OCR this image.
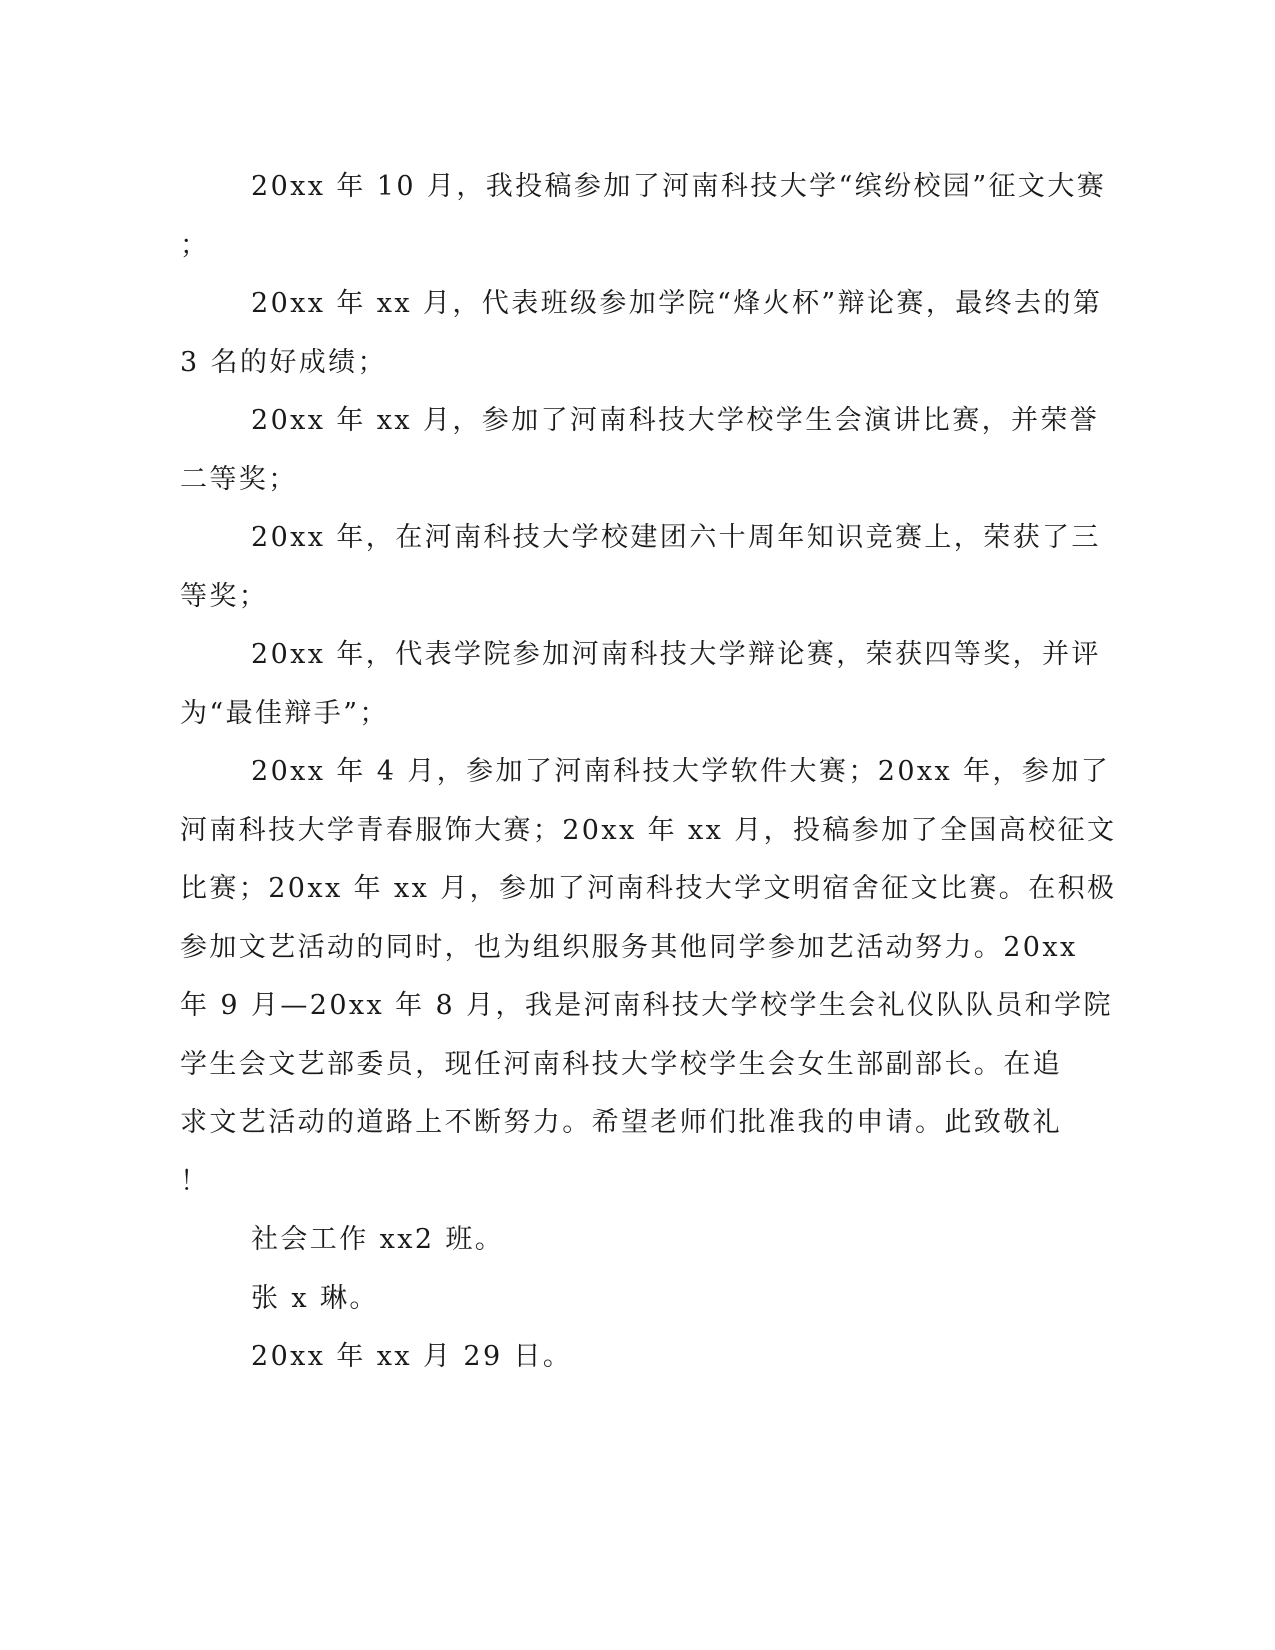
20xx 年 10 月，我投稿参加了河南科技大学“缤纷校园”征文大赛
；
20xx 年 xx 月，代表班级参加学院“烽火杯”辩论赛，最终去的第
3 名的好成绩；
20xx 年 xx 月，参加了河南科技大学校学生会演讲比赛，并荣誉
二等奖；
20xx 年，在河南科技大学校建团六十周年知识竞赛上，荣获了三
等奖；
20xx 年，代表学院参加河南科技大学辩论赛，荣获四等奖，并评
为“最佳辩手”；
20xx 年 4 月，参加了河南科技大学软件大赛；20xx 年，参加了
河南科技大学青春服饰大赛；20xx 年 xx 月，投稿参加了全国高校征文
比赛；20xx 年 xx 月，参加了河南科技大学文明宿舍征文比赛。在积极
参加文艺活动的同时，也为组织服务其他同学参加艺活动努力。20xx
年 9 月—20xx 年 8 月，我是河南科技大学校学生会礼仪队队员和学院
学生会文艺部委员，现任河南科技大学校学生会女生部副部长。在追
求文艺活动的道路上不断努力。希望老师们批准我的申请。此致敬礼
！
社会工作 xx2 班。
张 x 琳。
20xx 年 xx 月 29 日。
